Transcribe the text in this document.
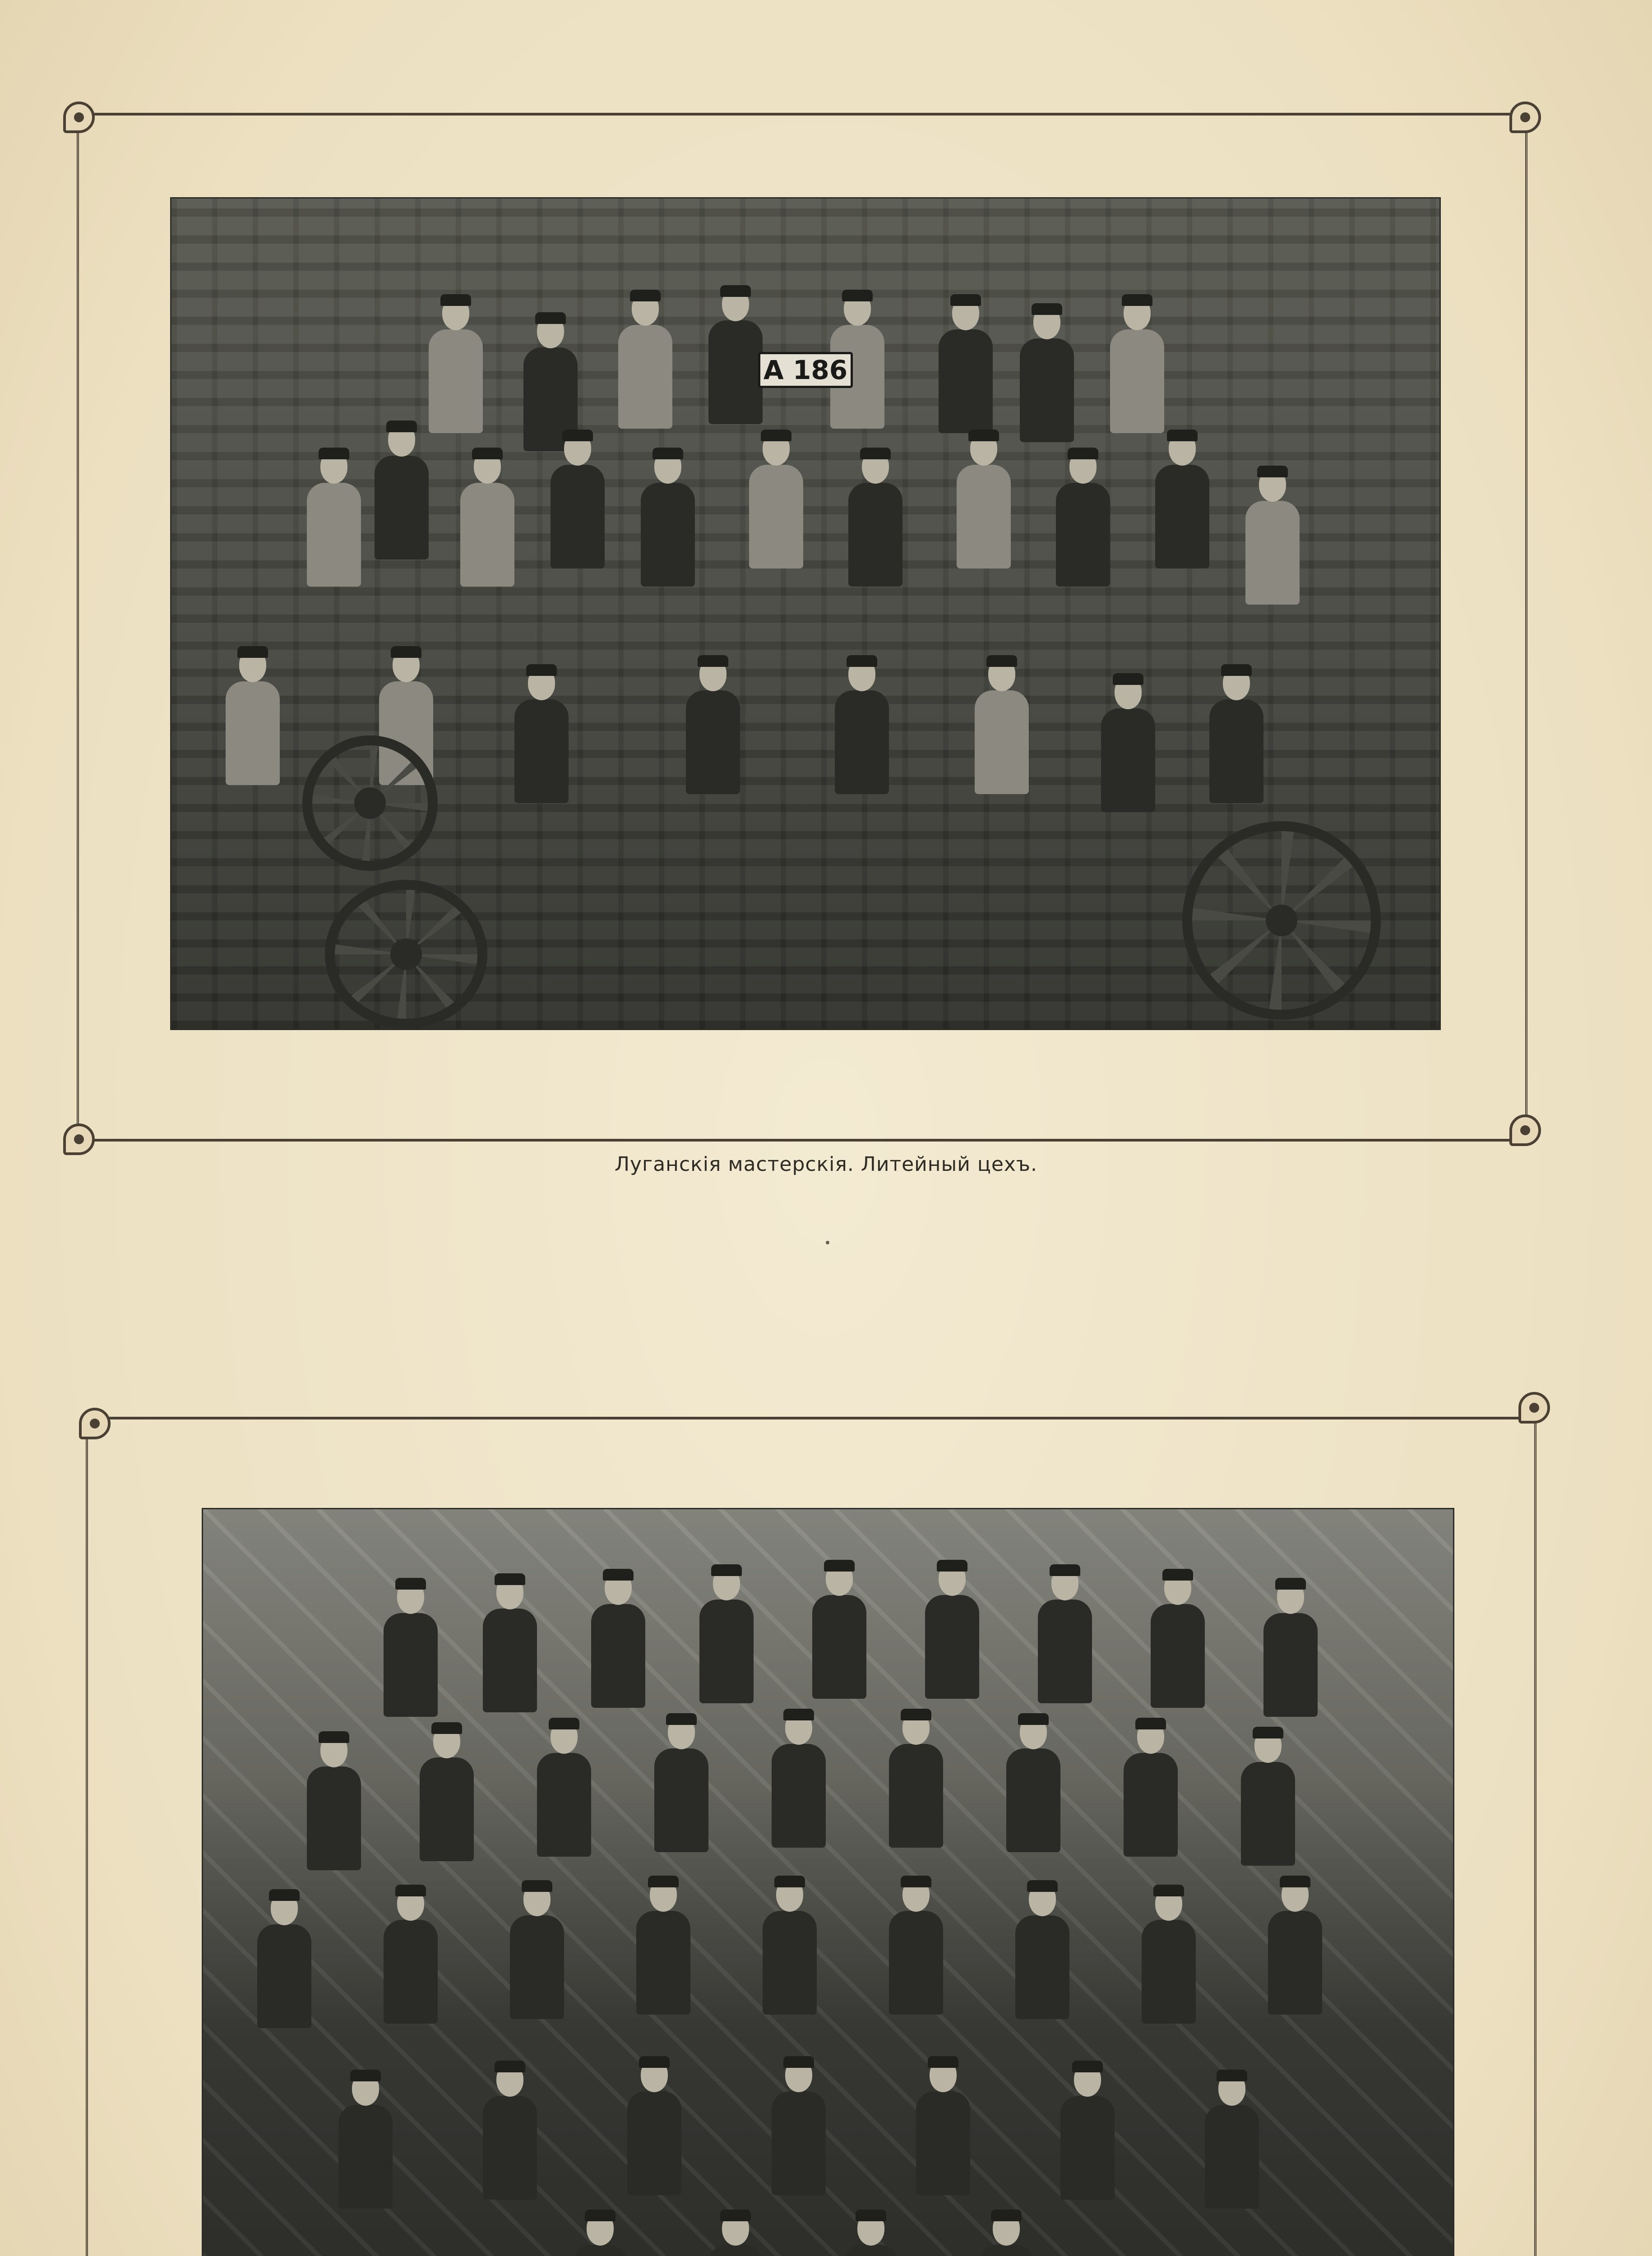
A 186
Луганскія мастерскія. Литейный цехъ.
